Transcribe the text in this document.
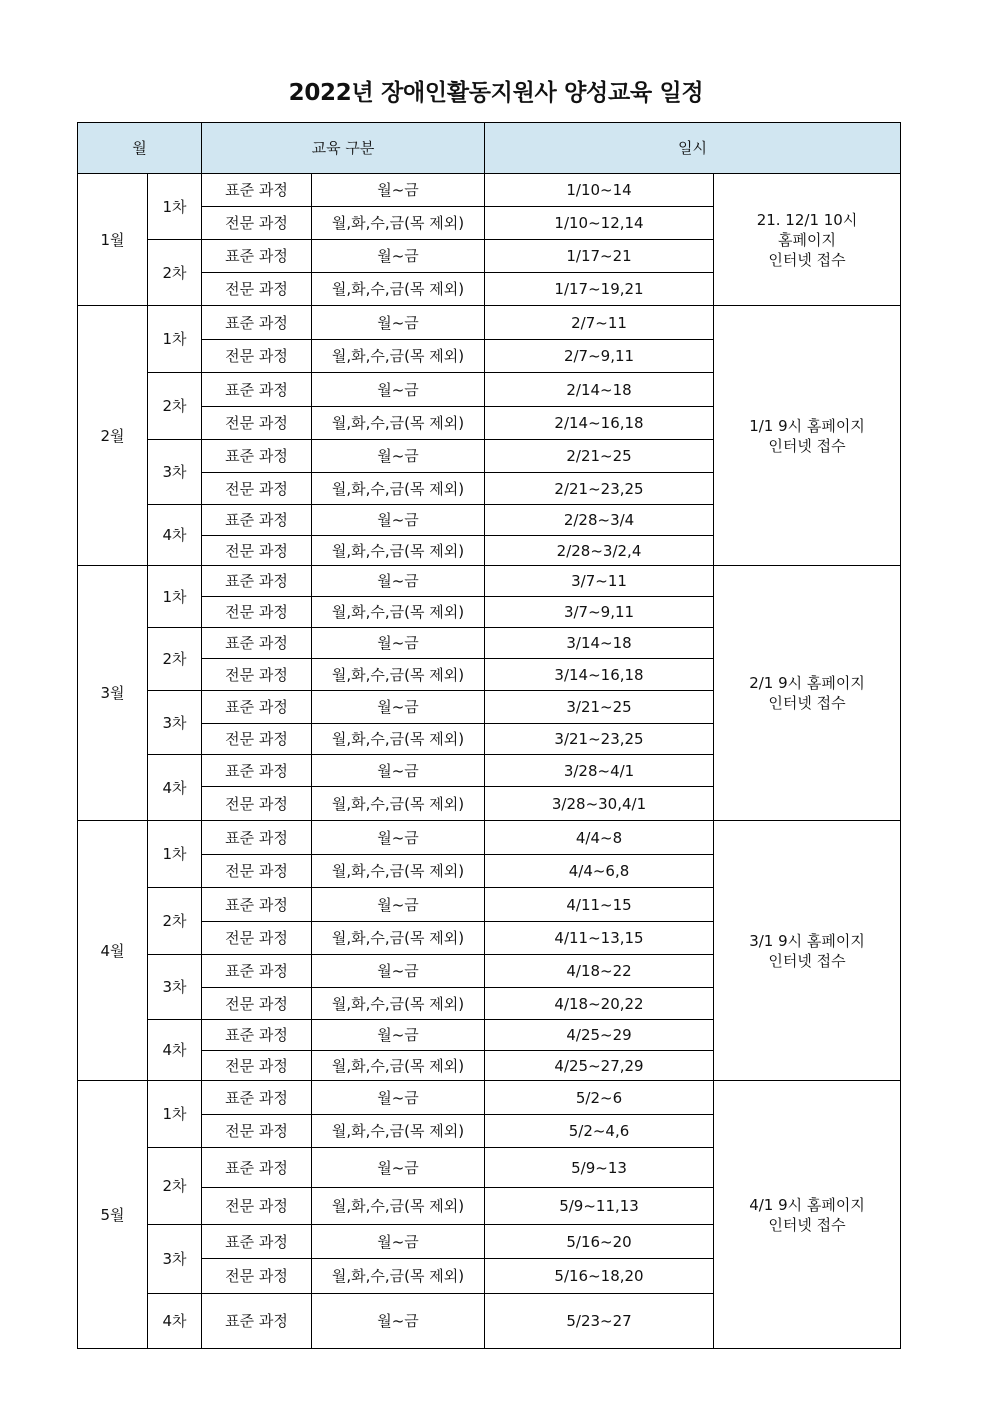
2022년 장애인활동지원사 양성교육 일정
월		교육 구분		일시	
1월	1차	표준 과정	월~금	1/10~14	21. 12/1 10시
홈페이지
인터넷 접수
		전문 과정	월,화,수,금(목 제외)	1/10~12,14	
	2차	표준 과정	월~금	1/17~21	
		전문 과정	월,화,수,금(목 제외)	1/17~19,21	
2월	1차	표준 과정	월~금	2/7~11	1/1 9시 홈페이지
인터넷 접수
		전문 과정	월,화,수,금(목 제외)	2/7~9,11	
	2차	표준 과정	월~금	2/14~18	
		전문 과정	월,화,수,금(목 제외)	2/14~16,18	
	3차	표준 과정	월~금	2/21~25	
		전문 과정	월,화,수,금(목 제외)	2/21~23,25	
	4차	표준 과정	월~금	2/28~3/4	
		전문 과정	월,화,수,금(목 제외)	2/28~3/2,4	
3월	1차	표준 과정	월~금	3/7~11	2/1 9시 홈페이지
인터넷 접수
		전문 과정	월,화,수,금(목 제외)	3/7~9,11	
	2차	표준 과정	월~금	3/14~18	
		전문 과정	월,화,수,금(목 제외)	3/14~16,18	
	3차	표준 과정	월~금	3/21~25	
		전문 과정	월,화,수,금(목 제외)	3/21~23,25	
	4차	표준 과정	월~금	3/28~4/1	
		전문 과정	월,화,수,금(목 제외)	3/28~30,4/1	
4월	1차	표준 과정	월~금	4/4~8	3/1 9시 홈페이지
인터넷 접수
		전문 과정	월,화,수,금(목 제외)	4/4~6,8	
	2차	표준 과정	월~금	4/11~15	
		전문 과정	월,화,수,금(목 제외)	4/11~13,15	
	3차	표준 과정	월~금	4/18~22	
		전문 과정	월,화,수,금(목 제외)	4/18~20,22	
	4차	표준 과정	월~금	4/25~29	
		전문 과정	월,화,수,금(목 제외)	4/25~27,29	
5월	1차	표준 과정	월~금	5/2~6	4/1 9시 홈페이지
인터넷 접수
		전문 과정	월,화,수,금(목 제외)	5/2~4,6	
	2차	표준 과정	월~금	5/9~13	
		전문 과정	월,화,수,금(목 제외)	5/9~11,13	
	3차	표준 과정	월~금	5/16~20	
		전문 과정	월,화,수,금(목 제외)	5/16~18,20	
	4차	표준 과정	월~금	5/23~27	
